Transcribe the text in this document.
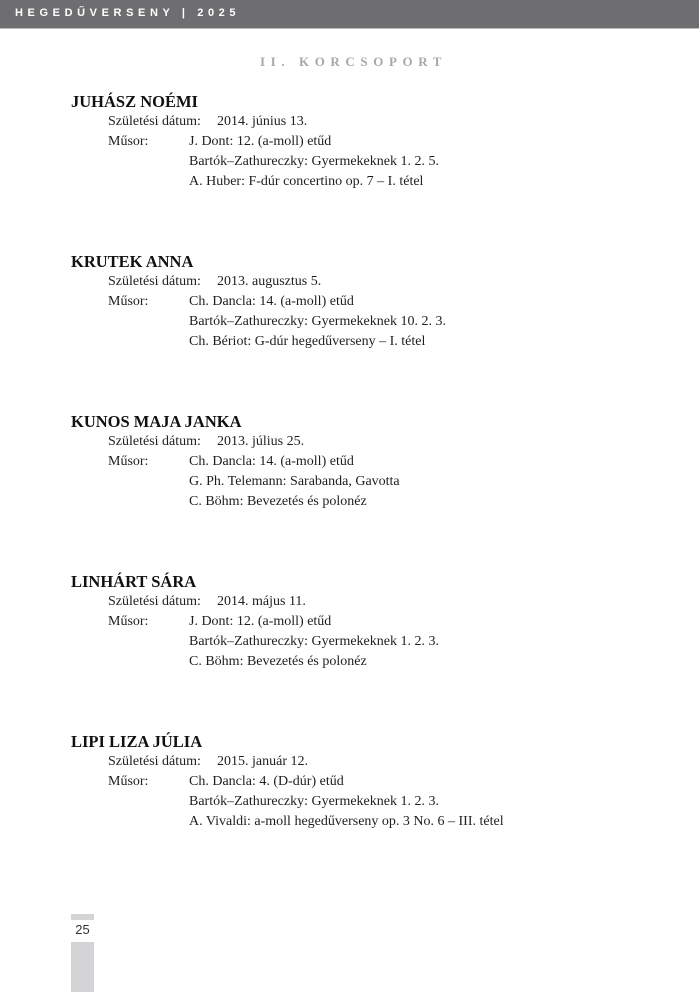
HEGEDŰVERSENY | 2025
II. KORCSOPORT
JUHÁSZ NOÉMI
Születési dátum: 2014. június 13.
Műsor:	J. Dont: 12. (a-moll) etűd
Bartók–Zathureczky: Gyermekeknek 1. 2. 5.
A. Huber: F-dúr concertino op. 7 – I. tétel
KRUTEK ANNA
Születési dátum: 2013. augusztus 5.
Műsor:	Ch. Dancla: 14. (a-moll) etűd
Bartók–Zathureczky: Gyermekeknek 10. 2. 3.
Ch. Bériot: G-dúr hegedűverseny – I. tétel
KUNOS MAJA JANKA
Születési dátum: 2013. július 25.
Műsor:	Ch. Dancla: 14. (a-moll) etűd
G. Ph. Telemann: Sarabanda, Gavotta
C. Böhm: Bevezetés és polonéz
LINHÁRT SÁRA
Születési dátum: 2014. május 11.
Műsor:	J. Dont: 12. (a-moll) etűd
Bartók–Zathureczky: Gyermekeknek 1. 2. 3.
C. Böhm: Bevezetés és polonéz
LIPI LIZA JÚLIA
Születési dátum: 2015. január 12.
Műsor:	Ch. Dancla: 4. (D-dúr) etűd
Bartók–Zathureczky: Gyermekeknek 1. 2. 3.
A. Vivaldi: a-moll hegedűverseny op. 3 No. 6 – III. tétel
25
